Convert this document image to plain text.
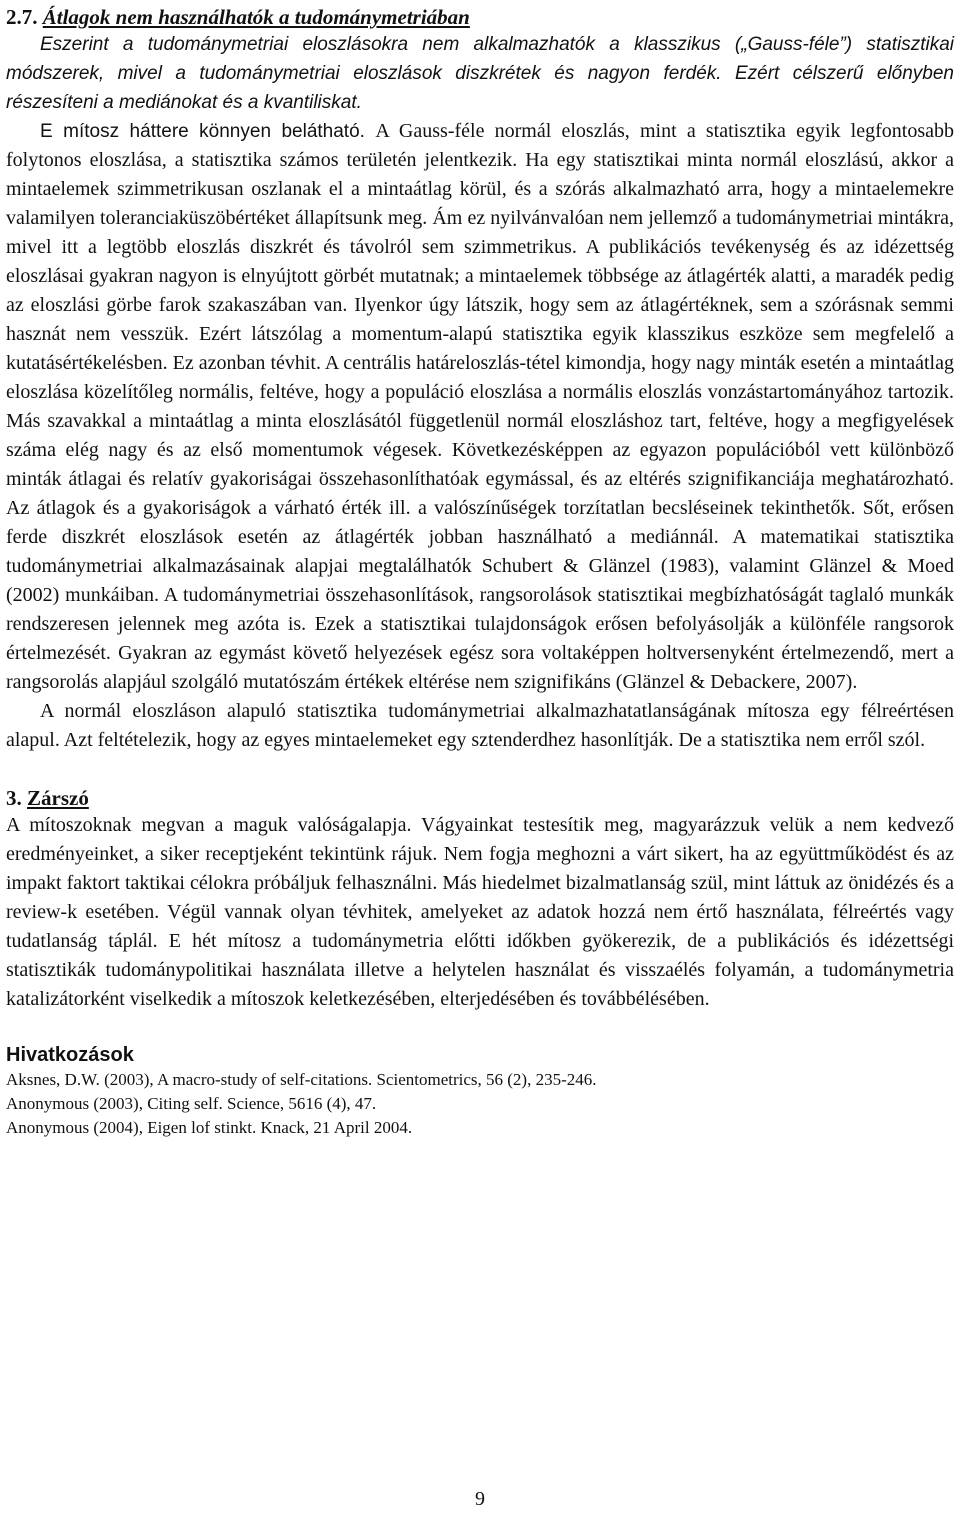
2.7. Átlagok nem használhatók a tudománymetriában

Eszerint a tudománymetriai eloszlásokra nem alkalmazhatók a klasszikus („Gauss-féle”) statisztikai módszerek, mivel a tudománymetriai eloszlások diszkrétek és nagyon ferdék. Ezért célszerű előnyben részesíteni a mediánokat és a kvantiliskat.

E mítosz háttere könnyen belátható. A Gauss-féle normál eloszlás, mint a statisztika egyik legfontosabb folytonos eloszlása, a statisztika számos területén jelentkezik. Ha egy statisztikai minta normál eloszlású, akkor a mintaelemek szimmetrikusan oszlanak el a mintaátlag körül, és a szórás alkalmazható arra, hogy a mintaelemekre valamilyen toleranciaküszöbértéket állapítsunk meg. Ám ez nyilvánvalóan nem jellemző a tudománymetriai mintákra, mivel itt a legtöbb eloszlás diszkrét és távolról sem szimmetrikus. A publikációs tevékenység és az idézettség eloszlásai gyakran nagyon is elnyújtott görbét mutatnak; a mintaelemek többsége az átlagérték alatti, a maradék pedig az eloszlási görbe farok szakaszában van. Ilyenkor úgy látszik, hogy sem az átlagértéknek, sem a szórásnak semmi hasznát nem vesszük. Ezért látszólag a momentum-alapú statisztika egyik klasszikus eszköze sem megfelelő a kutatásértékelésben. Ez azonban tévhit. A centrális határeloszlás-tétel kimondja, hogy nagy minták esetén a mintaátlag eloszlása közelítőleg normális, feltéve, hogy a populáció eloszlása a normális eloszlás vonzástartományához tartozik. Más szavakkal a mintaátlag a minta eloszlásától függetlenül normál eloszláshoz tart, feltéve, hogy a megfigyelések száma elég nagy és az első momentumok végesek. Következésképpen az egyazon populációból vett különböző minták átlagai és relatív gyakoriságai összehasonlíthatóak egymással, és az eltérés szignifikanciája meghatározható. Az átlagok és a gyakoriságok a várható érték ill. a valószínűségek torzítatlan becsléseinek tekinthetők. Sőt, erősen ferde diszkrét eloszlások esetén az átlagérték jobban használható a mediánnál. A matematikai statisztika tudománymetriai alkalmazásainak alapjai megtalálhatók Schubert & Glänzel (1983), valamint Glänzel & Moed (2002) munkáiban. A tudománymetriai összehasonlítások, rangsorolások statisztikai megbízhatóságát taglaló munkák rendszeresen jelennek meg azóta is. Ezek a statisztikai tulajdonságok erősen befolyásolják a különféle rangsorok értelmezését. Gyakran az egymást követő helyezések egész sora voltaképpen holtversenyként értelmezendő, mert a rangsorolás alapjául szolgáló mutatószám értékek eltérése nem szignifikáns (Glänzel & Debackere, 2007).

A normál eloszláson alapuló statisztika tudománymetriai alkalmazhatatlanságának mítosza egy félreértésen alapul. Azt feltételezik, hogy az egyes mintaelemeket egy sztenderdhez hasonlítják. De a statisztika nem erről szól.

3. Zárszó

A mítoszoknak megvan a maguk valóságalapja. Vágyainkat testesítik meg, magyarázzuk velük a nem kedvező eredményeinket, a siker receptjeként tekintünk rájuk. Nem fogja meghozni a várt sikert, ha az együttműködést és az impakt faktort taktikai célokra próbáljuk felhasználni. Más hiedelmet bizalmatlanság szül, mint láttuk az önidézés és a review-k esetében. Végül vannak olyan tévhitek, amelyeket az adatok hozzá nem értő használata, félreértés vagy tudatlanság táplál. E hét mítosz a tudománymetria előtti időkben gyökerezik, de a publikációs és idézettségi statisztikák tudománypolitikai használata illetve a helytelen használat és visszaélés folyamán, a tudománymetria katalizátorként viselkedik a mítoszok keletkezésében, elterjedésében és továbbélésében.

Hivatkozások

Aksnes, D.W. (2003), A macro-study of self-citations. Scientometrics, 56 (2), 235-246.

Anonymous (2003), Citing self. Science, 5616 (4), 47.

Anonymous (2004), Eigen lof stinkt. Knack, 21 April 2004.

9
